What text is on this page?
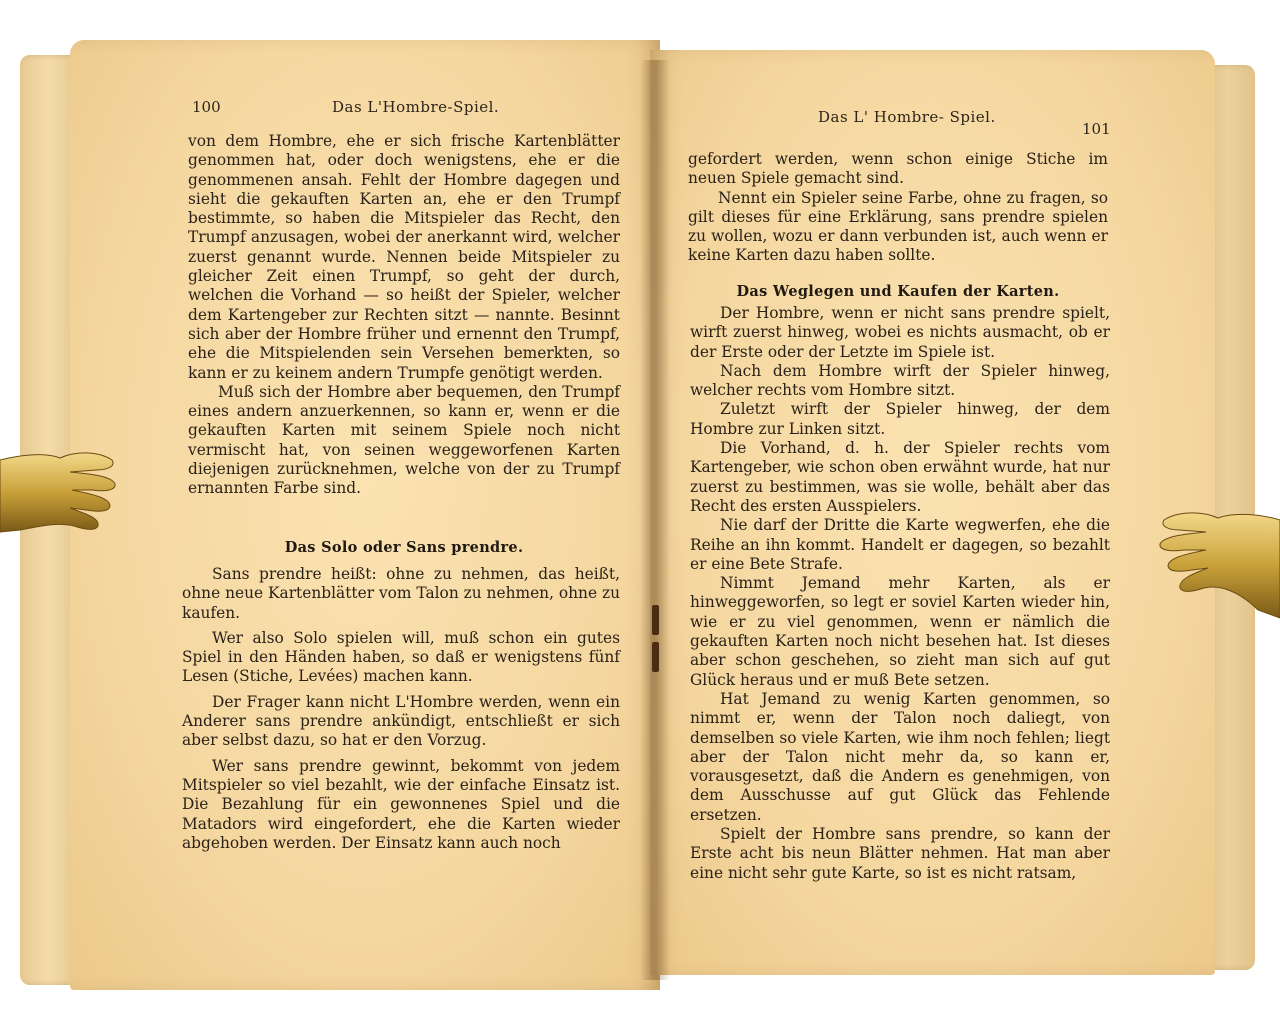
100	Das L'Hombre-Spiel.

von dem Hombre, ehe er sich frische Kartenblätter genommen hat, oder doch wenigstens, ehe er die genommenen ansah. Fehlt der Hombre dagegen und sieht die gekauften Karten an, ehe er den Trumpf bestimmte, so haben die Mitspieler das Recht, den Trumpf anzusagen, wobei der anerkannt wird, welcher zuerst genannt wurde. Nennen beide Mitspieler zu gleicher Zeit einen Trumpf, so geht der durch, welchen die Vorhand — so heißt der Spieler, welcher dem Kartengeber zur Rechten sitzt — nannte. Besinnt sich aber der Hombre früher und ernennt den Trumpf, ehe die Mitspielenden sein Versehen bemerkten, so kann er zu keinem andern Trumpfe genötigt werden.

Muß sich der Hombre aber bequemen, den Trumpf eines andern anzuerkennen, so kann er, wenn er die gekauften Karten mit seinem Spiele noch nicht vermischt hat, von seinen weggeworfenen Karten diejenigen zurücknehmen, welche von der zu Trumpf ernannten Farbe sind.

Das Solo oder Sans prendre.

Sans prendre heißt: ohne zu nehmen, das heißt, ohne neue Kartenblätter vom Talon zu nehmen, ohne zu kaufen.

Wer also Solo spielen will, muß schon ein gutes Spiel in den Händen haben, so daß er wenigstens fünf Lesen (Stiche, Levées) machen kann.

Der Frager kann nicht L'Hombre werden, wenn ein Anderer sans prendre ankündigt, entschließt er sich aber selbst dazu, so hat er den Vorzug.

Wer sans prendre gewinnt, bekommt von jedem Mitspieler so viel bezahlt, wie der einfache Einsatz ist. Die Bezahlung für ein gewonnenes Spiel und die Matadors wird eingefordert, ehe die Karten wieder abgehoben werden. Der Einsatz kann auch noch

Das L' Hombre- Spiel.
101

gefordert werden, wenn schon einige Stiche im neuen Spiele gemacht sind.

Nennt ein Spieler seine Farbe, ohne zu fragen, so gilt dieses für eine Erklärung, sans prendre spielen zu wollen, wozu er dann verbunden ist, auch wenn er keine Karten dazu haben sollte.

Das Weglegen und Kaufen der Karten.

Der Hombre, wenn er nicht sans prendre spielt, wirft zuerst hinweg, wobei es nichts ausmacht, ob er der Erste oder der Letzte im Spiele ist.

Nach dem Hombre wirft der Spieler hinweg, welcher rechts vom Hombre sitzt.

Zuletzt wirft der Spieler hinweg, der dem Hombre zur Linken sitzt.

Die Vorhand, d. h. der Spieler rechts vom Kartengeber, wie schon oben erwähnt wurde, hat nur zuerst zu bestimmen, was sie wolle, behält aber das Recht des ersten Ausspielers.

Nie darf der Dritte die Karte wegwerfen, ehe die Reihe an ihn kommt. Handelt er dagegen, so bezahlt er eine Bete Strafe.

Nimmt Jemand mehr Karten, als er hinweggeworfen, so legt er soviel Karten wieder hin, wie er zu viel genommen, wenn er nämlich die gekauften Karten noch nicht besehen hat. Ist dieses aber schon geschehen, so zieht man sich auf gut Glück heraus und er muß Bete setzen.

Hat Jemand zu wenig Karten genommen, so nimmt er, wenn der Talon noch daliegt, von demselben so viele Karten, wie ihm noch fehlen; liegt aber der Talon nicht mehr da, so kann er, vorausgesetzt, daß die Andern es genehmigen, von dem Ausschusse auf gut Glück das Fehlende ersetzen.

Spielt der Hombre sans prendre, so kann der Erste acht bis neun Blätter nehmen. Hat man aber eine nicht sehr gute Karte, so ist es nicht ratsam,
